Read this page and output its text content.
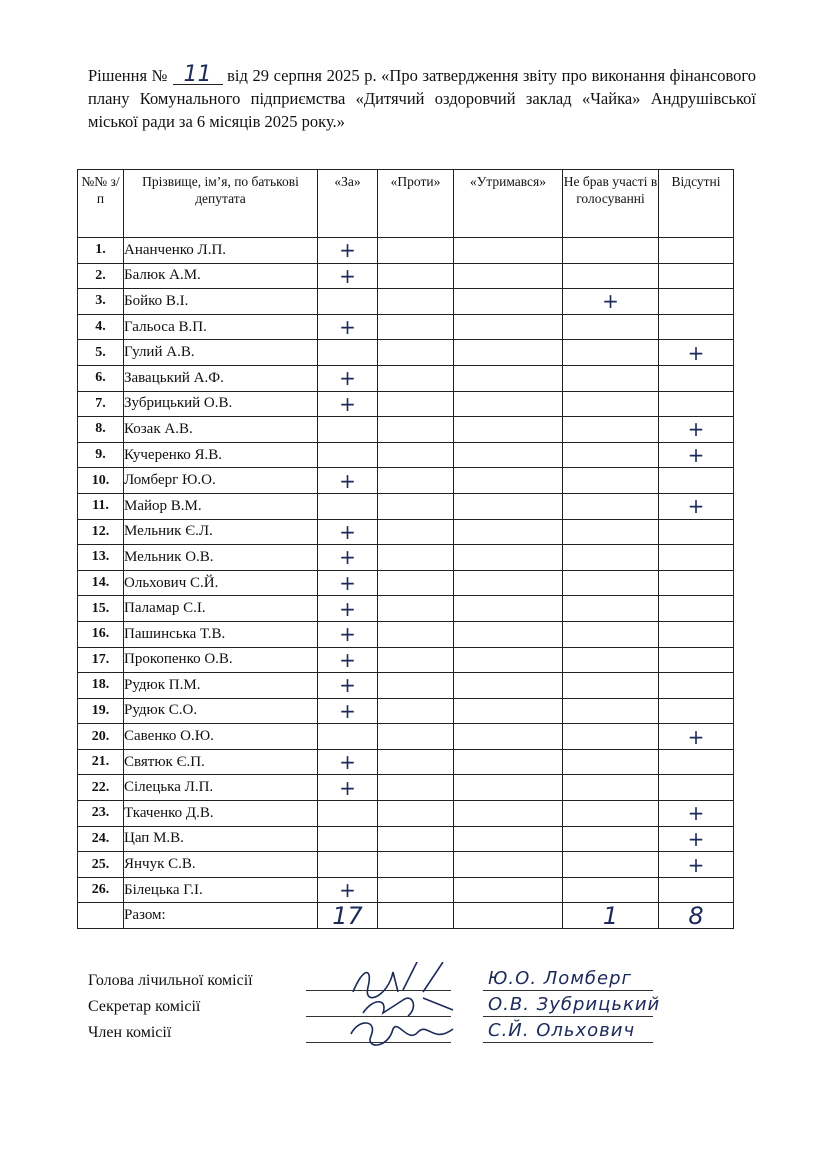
Рішення № 11 від 29 серпня 2025 р. «Про затвердження звіту про виконання фінансового плану Комунального підприємства «Дитячий оздоровчий заклад «Чайка» Андрушівської міської ради за 6 місяців 2025 року.»
№№ з/п	Прізвище, ім’я, по батькові депутата	«За»	«Проти»	«Утримався»	Не брав участі в голосуванні	Відсутні
1.	Ананченко Л.П.	+				
2.	Балюк А.М.	+				
3.	Бойко В.І.				+	
4.	Гальоса В.П.	+				
5.	Гулий А.В.					+
6.	Завацький А.Ф.	+				
7.	Зубрицький О.В.	+				
8.	Козак А.В.					+
9.	Кучеренко Я.В.					+
10.	Ломберг Ю.О.	+				
11.	Майор В.М.					+
12.	Мельник Є.Л.	+				
13.	Мельник О.В.	+				
14.	Ольхович С.Й.	+				
15.	Паламар С.І.	+				
16.	Пашинська Т.В.	+				
17.	Прокопенко О.В.	+				
18.	Рудюк П.М.	+				
19.	Рудюк С.О.	+				
20.	Савенко О.Ю.					+
21.	Святюк Є.П.	+				
22.	Сілецька Л.П.	+				
23.	Ткаченко Д.В.					+
24.	Цап М.В.					+
25.	Янчук С.В.					+
26.	Білецька Г.І.	+				
	Разом:	17			1	8
Голова лічильної комісії	Ю.О. Ломберг
Секретар комісії	О.В. Зубрицький
Член комісії	С.Й. Ольхович
